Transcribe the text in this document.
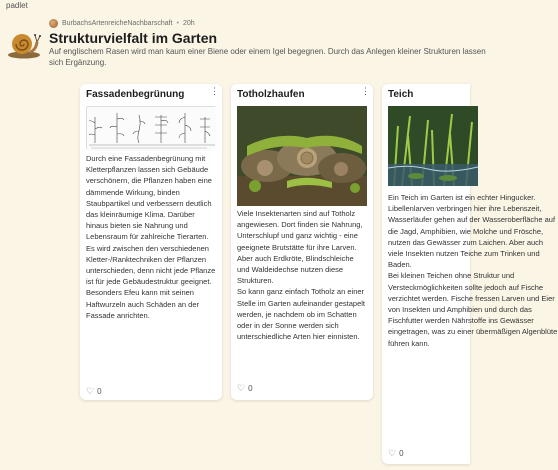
padlet
BurbachsArtenreicheNachbarschaft • 20h
Strukturvielfalt im Garten
Auf englischem Rasen wird man kaum einer Biene oder einem Igel begegnen. Durch das Anlegen kleiner Strukturen lassen sich Ergänzung.
Fassadenbegrünung	⋮

Durch eine Fassadenbegrünung mit Kletterpflanzen lassen sich Gebäude verschönern, die Pflanzen haben eine dämmende Wirkung, binden Staubpartikel und verbessern deutlich das kleinräumige Klima. Darüber hinaus bieten sie Nahrung und Lebensraum für zahlreiche Tierarten.

Es wird zwischen den verschiedenen Kletter-/Ranktechniken der Pflanzen unterschieden, denn nicht jede Pflanze ist für jede Gebäudestruktur geeignet. Besonders Efeu kann mit seinen Haftwurzeln auch Schäden an der Fassade anrichten.

♡ 0
Totholzhaufen	⋮

Viele Insektenarten sind auf Totholz angewiesen. Dort finden sie Nahrung, Unterschlupf und ganz wichtig - eine geeignete Brutstätte für ihre Larven. Aber auch Erdkröte, Blindschleiche und Waldeidechse nutzen diese Strukturen.

So kann ganz einfach Totholz an einer Stelle im Garten aufeinander gestapelt werden, je nachdem ob im Schatten oder in der Sonne werden sich unterschiedliche Arten hier einnisten.

♡ 0
Teich

Ein Teich im Garten ist ein echter Hingucker. Libellenlarven verbringen hier ihre Lebenszeit, Wasserläufer gehen auf der Wasseroberfläche auf die Jagd, Amphibien, wie Molche und Frösche, nutzen das Gewässer zum Laichen. Aber auch viele Insekten nutzen Teiche zum Trinken und Baden.

Bei kleinen Teichen ohne Struktur und Versteckmöglichkeiten sollte jedoch auf Fische verzichtet werden. Fische fressen Larven und Eier von Insekten und Amphibien und durch das Fischfutter werden Nährstoffe ins Gewässer eingetragen, was zu einer übermäßigen Algenblüte führen kann.

♡ 0
